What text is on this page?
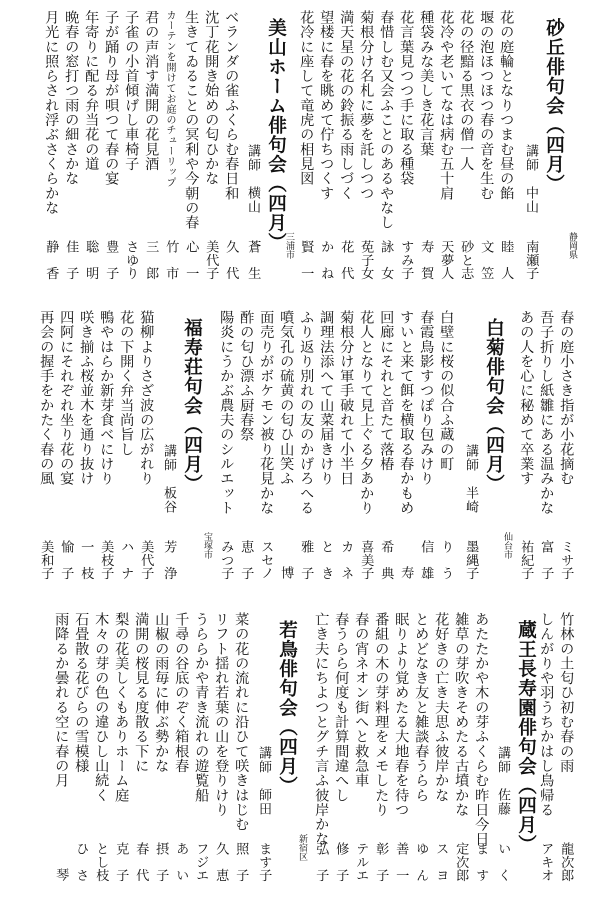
静岡県
砂丘俳句会（四月）
講師　中山
南瀬子
花の庭輪となりつまむ昼の餡
睦　人
堰の泡ほつほつ春の音を生む
文　笠
花の径黯る黒衣の僧一人
砂と志
花冷や老いてなは病む五十肩
天夢人
種袋みな美しき花言葉
寿　賀
花言葉見つつ手に取る種袋
すみ子
春惜しむ又会ふことのあるやなし
詠　女
菊根分け名札に夢を託しつつ
莬子女
満天星の花の鈴振る雨しづく
花　代
望楼に春を眺めて佇ちつくす
か　ね
花冷に座して竜虎の相見図
賢　一
三浦市
美山ホーム俳句会（四月）
講師　横山
蒼　生
ベランダの雀ふくらむ春日和
久　代
沈丁花開き始めの匂ひかな
美代子
生きてゐることの冥利や今朝の春
心　一
カーテンを開けてお庭のチューリップ
竹　市
君の声消す満開の花見酒
三　郎
子雀の小首傾げし車椅子
さゆり
子が踊り母が唄つて春の宴
豊　子
年寄りに配る弁当花の道
聡　明
晩春の窓打つ雨の細さかな
佳　子
月光に照らされ浮ぶさくらかな
静　香
春の庭小さき指が小花摘む
ミサ子
吾子折りし紙雛にある温みかな
富　子
あの人を心に秘めて卒業す
祐紀子
仙台市
白菊俳句会（四月）
講師　半崎
墨縄子
白壁に桜の似合ふ蔵の町
り　う
春霞鳥影すつぽり包みけり
信　雄
すいと来て餌を横取る春かもめ
寿
回廊にそれと音たて落椿
希　典
花人となりて見上ぐる夕あかり
喜美子
菊根分け軍手破れて小半日
カ　ネ
調理法添へて山菜届きけり
と　き
ふり返り別れの友のかげろへる
雅　子
噴気孔の硫黄の匂ひ山笑ふ
博
面売りがボケモン被り花見かな
スセノ
酢の匂ひ漂ふ厨春祭
恵　子
陽炎にうかぶ農夫のシルエット
みつ子
宝塚市
福寿荘句会（四月）
講師　板谷
芳　浄
猫柳よりさざ波の広がれり
美代子
花の下開く弁当尚旨し
ハ　ナ
鴨やはらか新芽食べにけり
美枝子
咲き揃ふ桜並木を通り抜け
一　枝
四阿にそれぞれ坐り花の宴
愉　子
再会の握手をかたく春の風
美和子
竹林の土匂ひ初む春の雨
龍次郎
しんがりや羽うちかはし鳥帰る
アキオ
蔵王長寿園俳句会（四月）
講師　佐藤
い　く
あたたかや木の芽ふくらむ昨日今日
ま　す
雑草の芽吹きそめたる古墳かな
定次郎
花好きの亡き夫思ふ彼岸かな
ス　ヨ
とめどなき友と雑談春うらら
ゆ　ん
眠りより覚めたる大地春を待つ
善　一
番組の木の芽料理をメモしたり
彰　子
春の宵ネオン街へと救急車
テルエ
春うらら何度も計算間違へし
修　子
亡き夫にちよつとグチ言ふ彼岸かな
弘　子
新宿区
若鳥俳句会（四月）
講師　師田
ます子
菜の花の流れに沿ひて咲きはじむ
照　子
リフト揺れ若葉の山を登りけり
久　恵
うららかや青き流れの遊覧船
フジエ
千尋の谷底のぞく箱根春
あ　い
山椒の雨毎に伸ぶ勢かな
摂　子
満開の桜見る度散る下に
春　代
梨の花美しくもありホーム庭
克　子
木々の芽の色の違ひし山続く
とし枝
石畳散る花びらの雪模様
ひ　さ
雨降るか曇れる空に春の月
琴
